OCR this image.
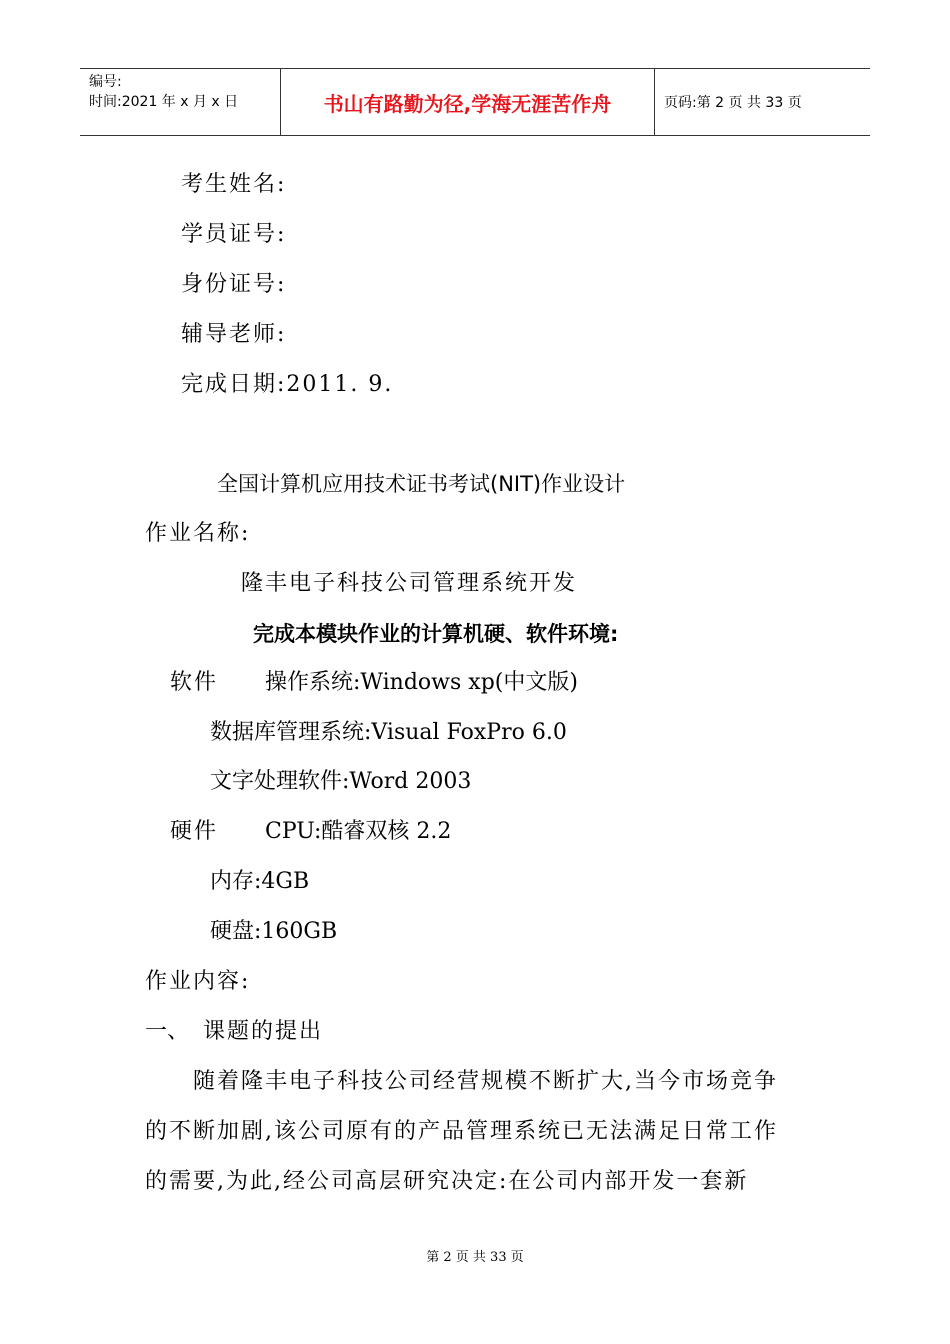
编号:
时间:2021 年 x 月 x 日	书山有路勤为径,学海无涯苦作舟	页码:第 2 页 共 33 页
考生姓名:
学员证号:
身份证号:
辅导老师:
完成日期:2011. 9.
全国计算机应用技术证书考试(NIT)作业设计
作业名称:
隆丰电子科技公司管理系统开发
完成本模块作业的计算机硬、软件环境:
软件 操作系统:Windows xp(中文版)
数据库管理系统:Visual FoxPro 6.0
文字处理软件:Word 2003
硬件 CPU:酷睿双核 2.2
内存:4GB
硬盘:160GB
作业内容:
一、 课题的提出
随着隆丰电子科技公司经营规模不断扩大,当今市场竞争
的不断加剧,该公司原有的产品管理系统已无法满足日常工作
的需要,为此,经公司高层研究决定:在公司内部开发一套新
第 2 页 共 33 页
